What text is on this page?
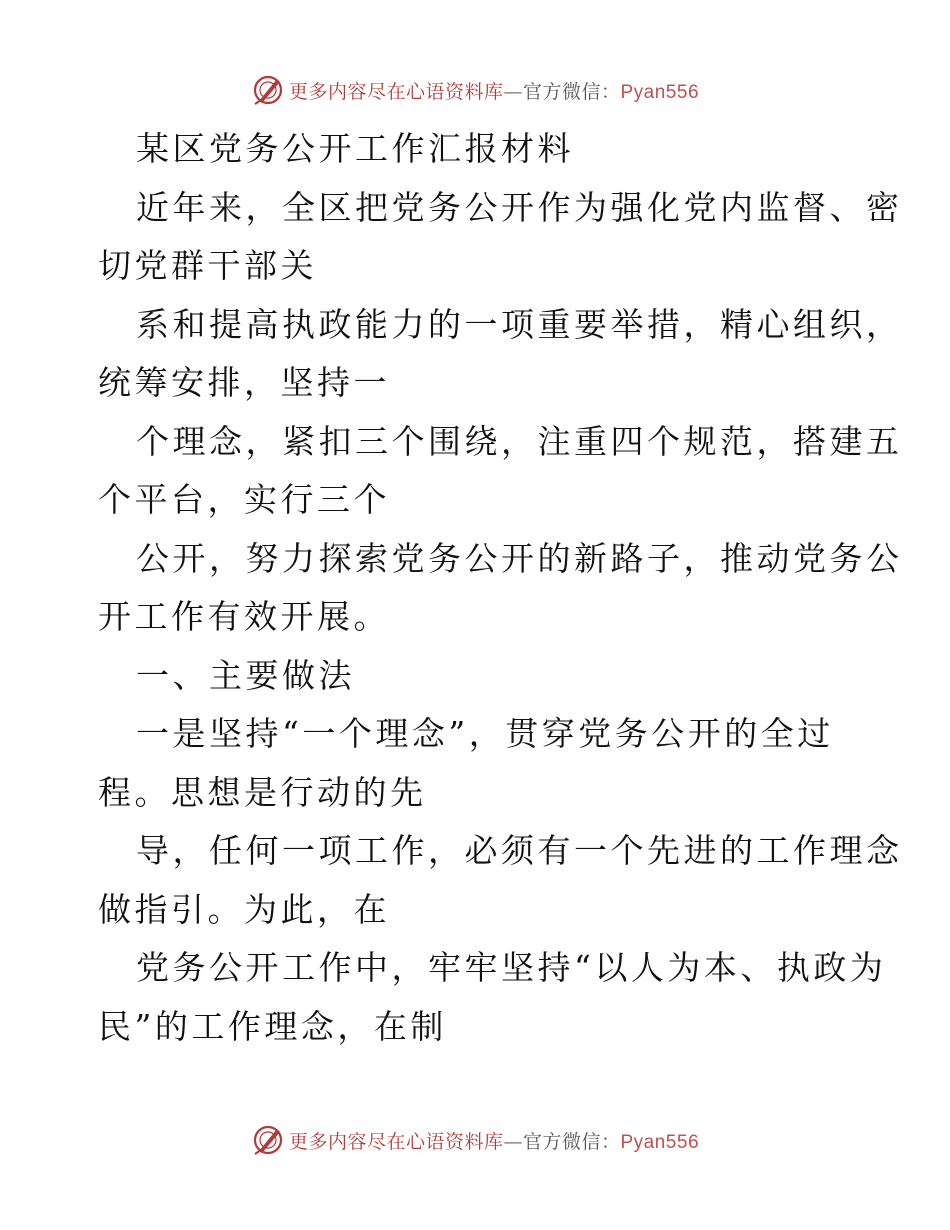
更多内容尽在心语资料库—官方微信：Pyan556
某区党务公开工作汇报材料
近年来，全区把党务公开作为强化党内监督、密
切党群干部关
系和提高执政能力的一项重要举措，精心组织，
统筹安排，坚持一
个理念，紧扣三个围绕，注重四个规范，搭建五
个平台，实行三个
公开，努力探索党务公开的新路子，推动党务公
开工作有效开展。
一、主要做法
一是坚持“一个理念”，贯穿党务公开的全过
程。思想是行动的先
导，任何一项工作，必须有一个先进的工作理念
做指引。为此，在
党务公开工作中，牢牢坚持“以人为本、执政为
民”的工作理念，在制
更多内容尽在心语资料库—官方微信：Pyan556
